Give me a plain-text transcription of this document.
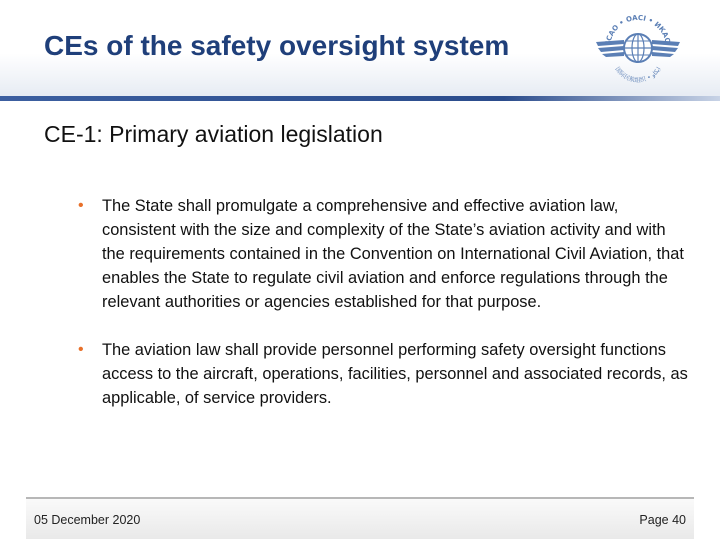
CEs of the safety oversight system	ICAO • OACI • ИКАО
国际民航组织 • ايكاو
CE-1: Primary aviation legislation
• The State shall promulgate a comprehensive and effective aviation law, consistent with the size and complexity of the State’s aviation activity and with the requirements contained in the Convention on International Civil Aviation, that enables the State to regulate civil aviation and enforce regulations through the relevant authorities or agencies established for that purpose.
• The aviation law shall provide personnel performing safety oversight functions access to the aircraft, operations, facilities, personnel and associated records, as applicable, of service providers.
05 December 2020	Page 40
